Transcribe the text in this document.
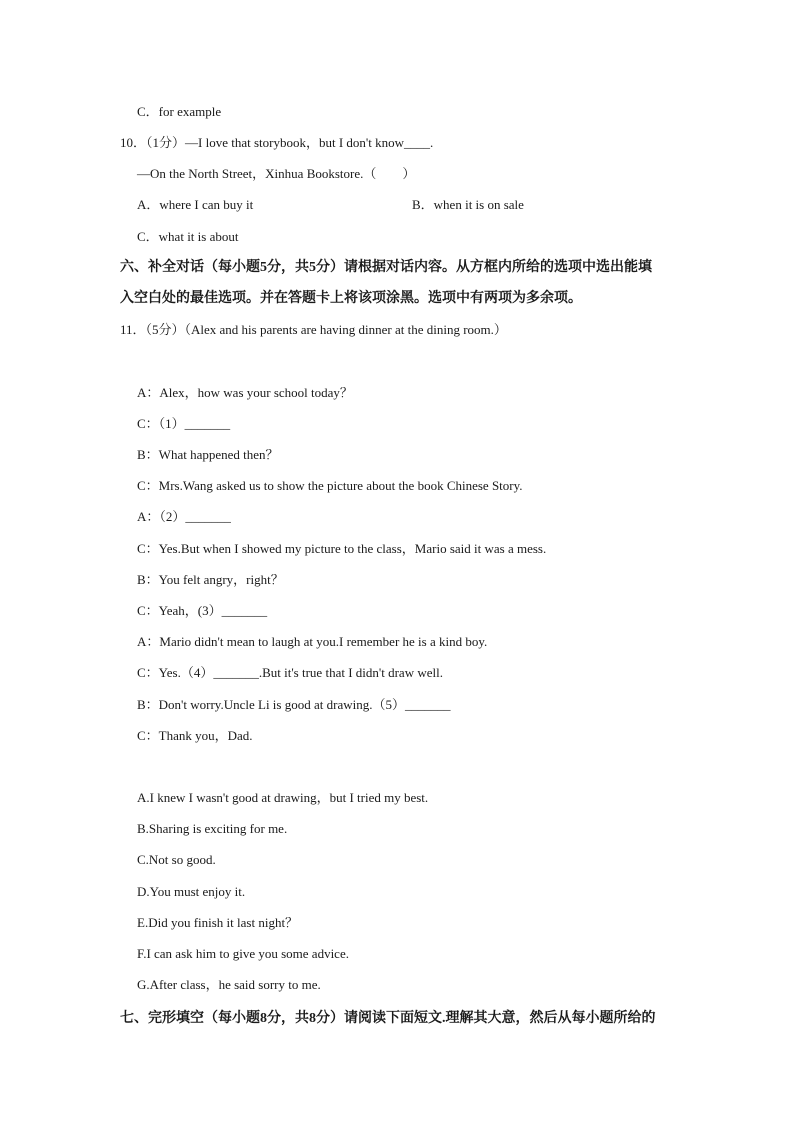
C．for example
10．（1分）—I love that storybook，but I don't know____.
—On the North Street，Xinhua Bookstore.（　　）
A．where I can buy it	B．when it is on sale
C．what it is about
六、补全对话（每小题5分，共5分）请根据对话内容。从方框内所给的选项中选出能填
入空白处的最佳选项。并在答题卡上将该项涂黑。选项中有两项为多余项。
11．（5分）（Alex and his parents are having dinner at the dining room.）
A：Alex，how was your school today？
C：（1）_______
B：What happened then？
C：Mrs.Wang asked us to show the picture about the book Chinese Story.
A：（2）_______
C：Yes.But when I showed my picture to the class，Mario said it was a mess.
B：You felt angry，right？
C：Yeah，(3）_______
A：Mario didn't mean to laugh at you.I remember he is a kind boy.
C：Yes.（4）_______.But it's true that I didn't draw well.
B：Don't worry.Uncle Li is good at drawing.（5）_______
C：Thank you，Dad.
A.I knew I wasn't good at drawing，but I tried my best.
B.Sharing is exciting for me.
C.Not so good.
D.You must enjoy it.
E.Did you finish it last night？
F.I can ask him to give you some advice.
G.After class，he said sorry to me.
七、完形填空（每小题8分，共8分）请阅读下面短文.理解其大意，然后从每小题所给的
